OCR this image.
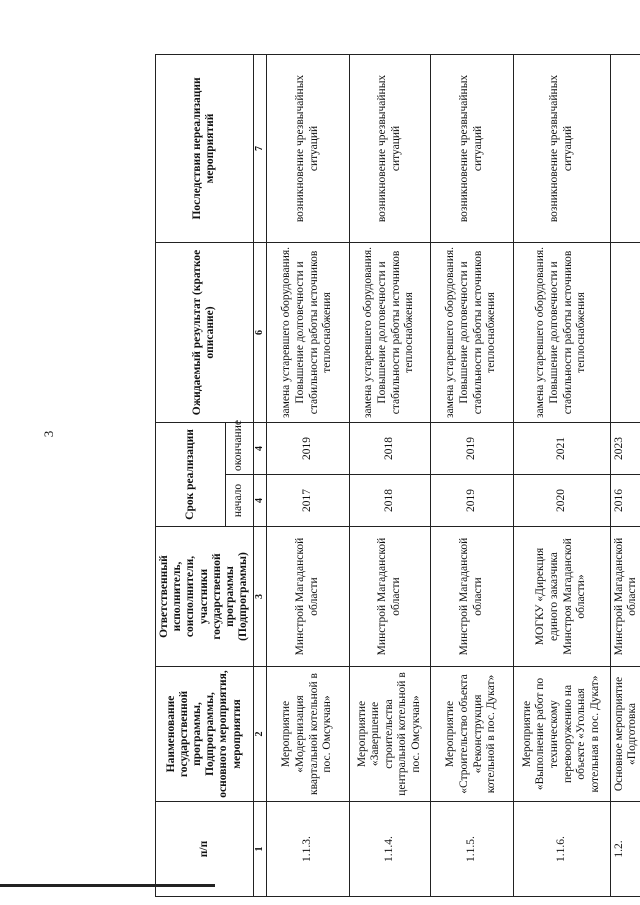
3
п/п	Наименование государственной программы, Подпрограммы, основного мероприятия, мероприятия	Ответственный исполнитель, соисполнители, участники государственной программы (Подпрограммы)	Срок реализации		Ожидаемый результат (краткое описание)	Последствия нереализации мероприятий
			начало	окончание		
1	2	3	4	4	6	7
1.1.3.	Мероприятие «Модернизация квартальной котельной в пос. Омсукчан»	Минстрой Магаданской области	2017	2019	замена устаревшего оборудования. Повышение долговечности и стабильности работы источников теплоснабжения	возникновение чрезвычайных ситуаций
1.1.4.	Мероприятие «Завершение строительства центральной котельной в пос. Омсукчан»	Минстрой Магаданской области	2018	2018	замена устаревшего оборудования. Повышение долговечности и стабильности работы источников теплоснабжения	возникновение чрезвычайных ситуаций
1.1.5.	Мероприятие «Строительство объекта «Реконструкция котельной в пос. Дукат»	Минстрой Магаданской области	2019	2019	замена устаревшего оборудования. Повышение долговечности и стабильности работы источников теплоснабжения	возникновение чрезвычайных ситуаций
1.1.6.	Мероприятие «Выполнение работ по техническому перевооружению на объекте «Угольная котельная в пос. Дукат»	МОГКУ «Дирекция единого заказчика Минстроя Магаданской области»	2020	2021	замена устаревшего оборудования. Повышение долговечности и стабильности работы источников теплоснабжения	возникновение чрезвычайных ситуаций
1.2.	Основное мероприятие «Подготовка	Минстрой Магаданской области	2016	2023		
